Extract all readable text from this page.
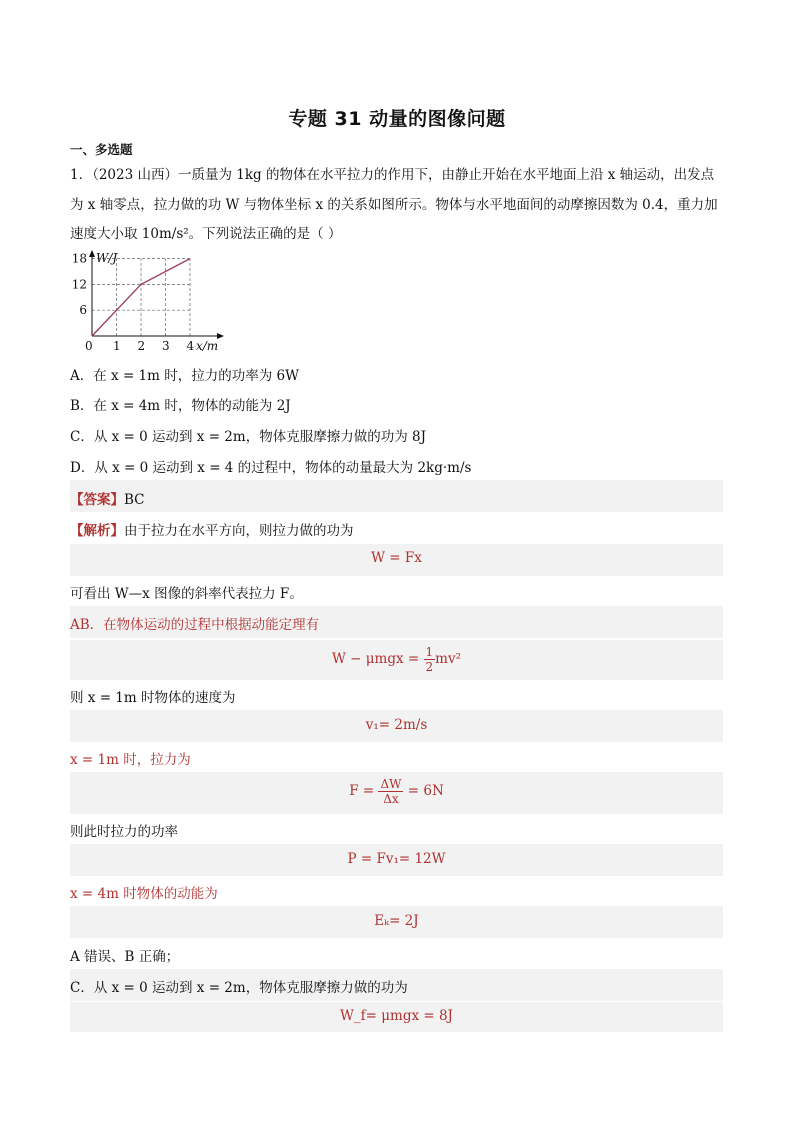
专题 31 动量的图像问题
一、多选题
1．（2023 山西）一质量为 1kg 的物体在水平拉力的作用下，由静止开始在水平地面上沿 x 轴运动，出发点
为 x 轴零点，拉力做的功 W 与物体坐标 x 的关系如图所示。物体与水平地面间的动摩擦因数为 0.4，重力加
速度大小取 10m/s²。下列说法正确的是（ ）
W/J
x/m
6
12
18
0 1 2 3 4
A．在 x = 1m 时，拉力的功率为 6W
B．在 x = 4m 时，物体的动能为 2J
C．从 x = 0 运动到 x = 2m，物体克服摩擦力做的功为 8J
D．从 x = 0 运动到 x = 4 的过程中，物体的动量最大为 2kg·m/s
【答案】BC
【解析】由于拉力在水平方向，则拉力做的功为
W = Fx
可看出 W—x 图像的斜率代表拉力 F。
AB．在物体运动的过程中根据动能定理有
$W - \mu mgx = \frac{1}{2} mv^2$
则 x = 1m 时物体的速度为
v₁= 2m/s
x = 1m 时，拉力为
$F = \frac{\Delta W}{\Delta x} = 6N$
则此时拉力的功率
P = Fv₁= 12W
x = 4m 时物体的动能为
Eₖ= 2J
A 错误、B 正确；
C．从 x = 0 运动到 x = 2m，物体克服摩擦力做的功为
W_f= μmgx = 8J
